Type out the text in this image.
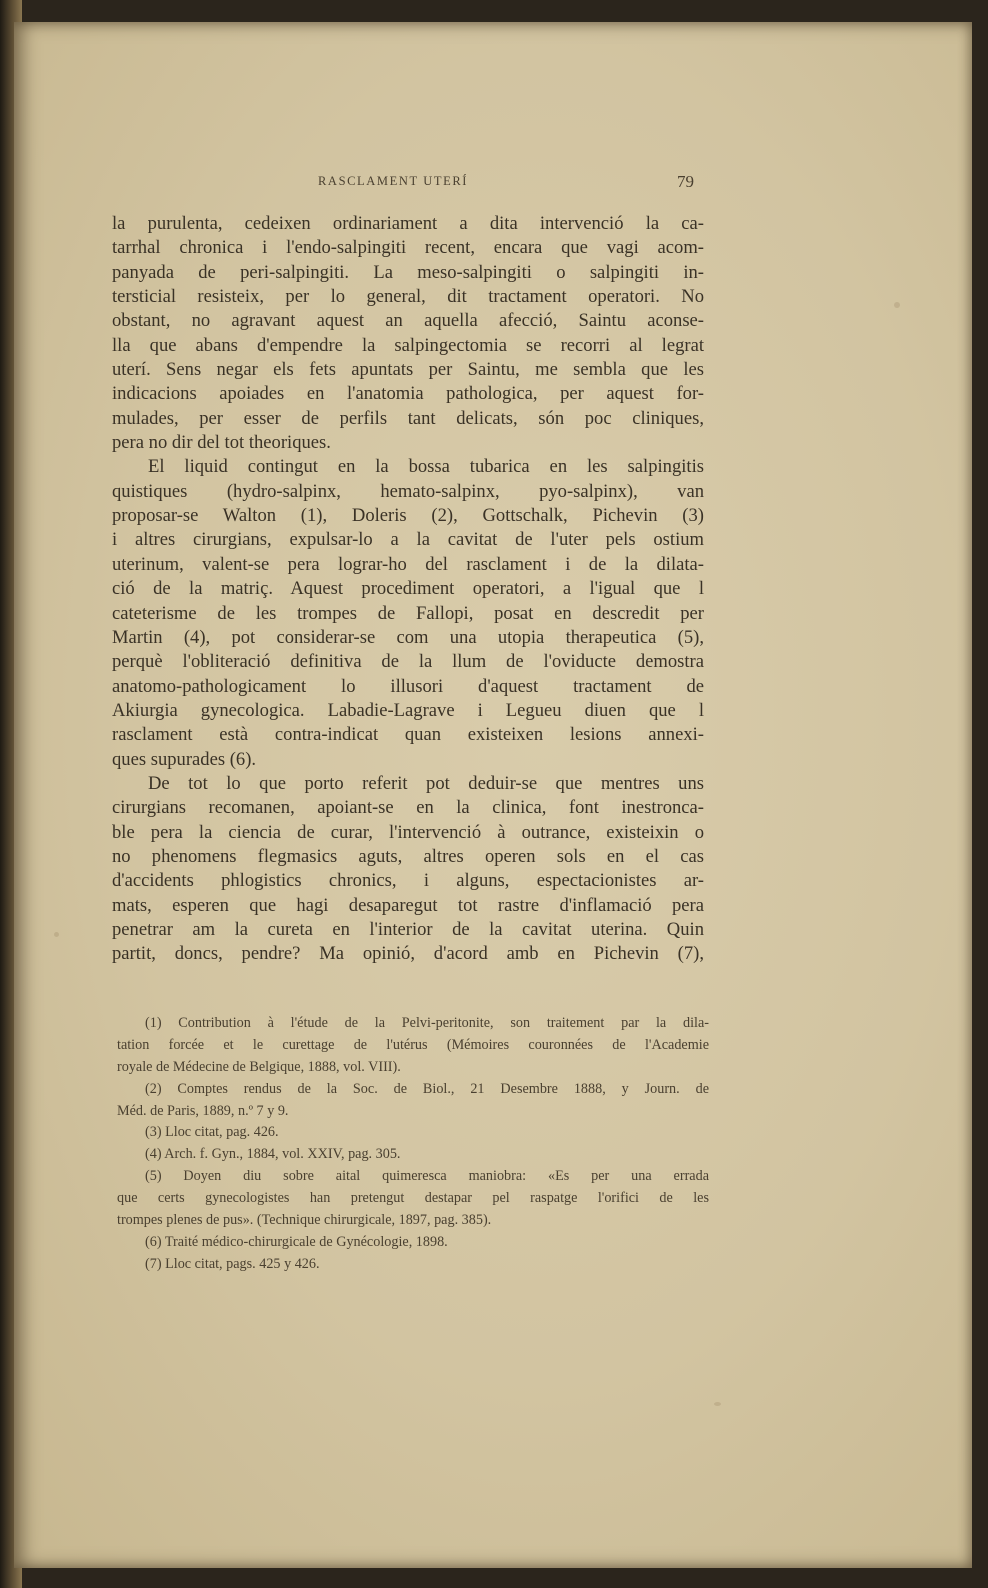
RASCLAMENT UTERÍ	79
la purulenta, cedeixen ordinariament a dita intervenció la ca-
tarrhal chronica i l'endo-salpingiti recent, encara que vagi acom-
panyada de peri-salpingiti. La meso-salpingiti o salpingiti in-
tersticial resisteix, per lo general, dit tractament operatori. No
obstant, no agravant aquest an aquella afecció, Saintu aconse-
lla que abans d'empendre la salpingectomia se recorri al legrat
uterí. Sens negar els fets apuntats per Saintu, me sembla que les
indicacions apoiades en l'anatomia pathologica, per aquest for-
mulades, per esser de perfils tant delicats, són poc cliniques,
pera no dir del tot theoriques.
El liquid contingut en la bossa tubarica en les salpingitis
quistiques (hydro-salpinx, hemato-salpinx, pyo-salpinx), van
proposar-se Walton (1), Doleris (2), Gottschalk, Pichevin (3)
i altres cirurgians, expulsar-lo a la cavitat de l'uter pels ostium
uterinum, valent-se pera lograr-ho del rasclament i de la dilata-
ció de la matriç. Aquest procediment operatori, a l'igual que l
cateterisme de les trompes de Fallopi, posat en descredit per
Martin (4), pot considerar-se com una utopia therapeutica (5),
perquè l'obliteració definitiva de la llum de l'oviducte demostra
anatomo-pathologicament lo illusori d'aquest tractament de
Akiurgia gynecologica. Labadie-Lagrave i Legueu diuen que l
rasclament està contra-indicat quan existeixen lesions annexi-
ques supurades (6).
De tot lo que porto referit pot deduir-se que mentres uns
cirurgians recomanen, apoiant-se en la clinica, font inestronca-
ble pera la ciencia de curar, l'intervenció à outrance, existeixin o
no phenomens flegmasics aguts, altres operen sols en el cas
d'accidents phlogistics chronics, i alguns, espectacionistes ar-
mats, esperen que hagi desaparegut tot rastre d'inflamació pera
penetrar am la cureta en l'interior de la cavitat uterina. Quin
partit, doncs, pendre? Ma opinió, d'acord amb en Pichevin (7),
(1) Contribution à l'étude de la Pelvi-peritonite, son traitement par la dila-
tation forcée et le curettage de l'utérus (Mémoires couronnées de l'Academie
royale de Médecine de Belgique, 1888, vol. VIII).
(2) Comptes rendus de la Soc. de Biol., 21 Desembre 1888, y Journ. de
Méd. de Paris, 1889, n.º 7 y 9.
(3) Lloc citat, pag. 426.
(4) Arch. f. Gyn., 1884, vol. XXIV, pag. 305.
(5) Doyen diu sobre aital quimeresca maniobra: «Es per una errada
que certs gynecologistes han pretengut destapar pel raspatge l'orifici de les
trompes plenes de pus». (Technique chirurgicale, 1897, pag. 385).
(6) Traité médico-chirurgicale de Gynécologie, 1898.
(7) Lloc citat, pags. 425 y 426.
